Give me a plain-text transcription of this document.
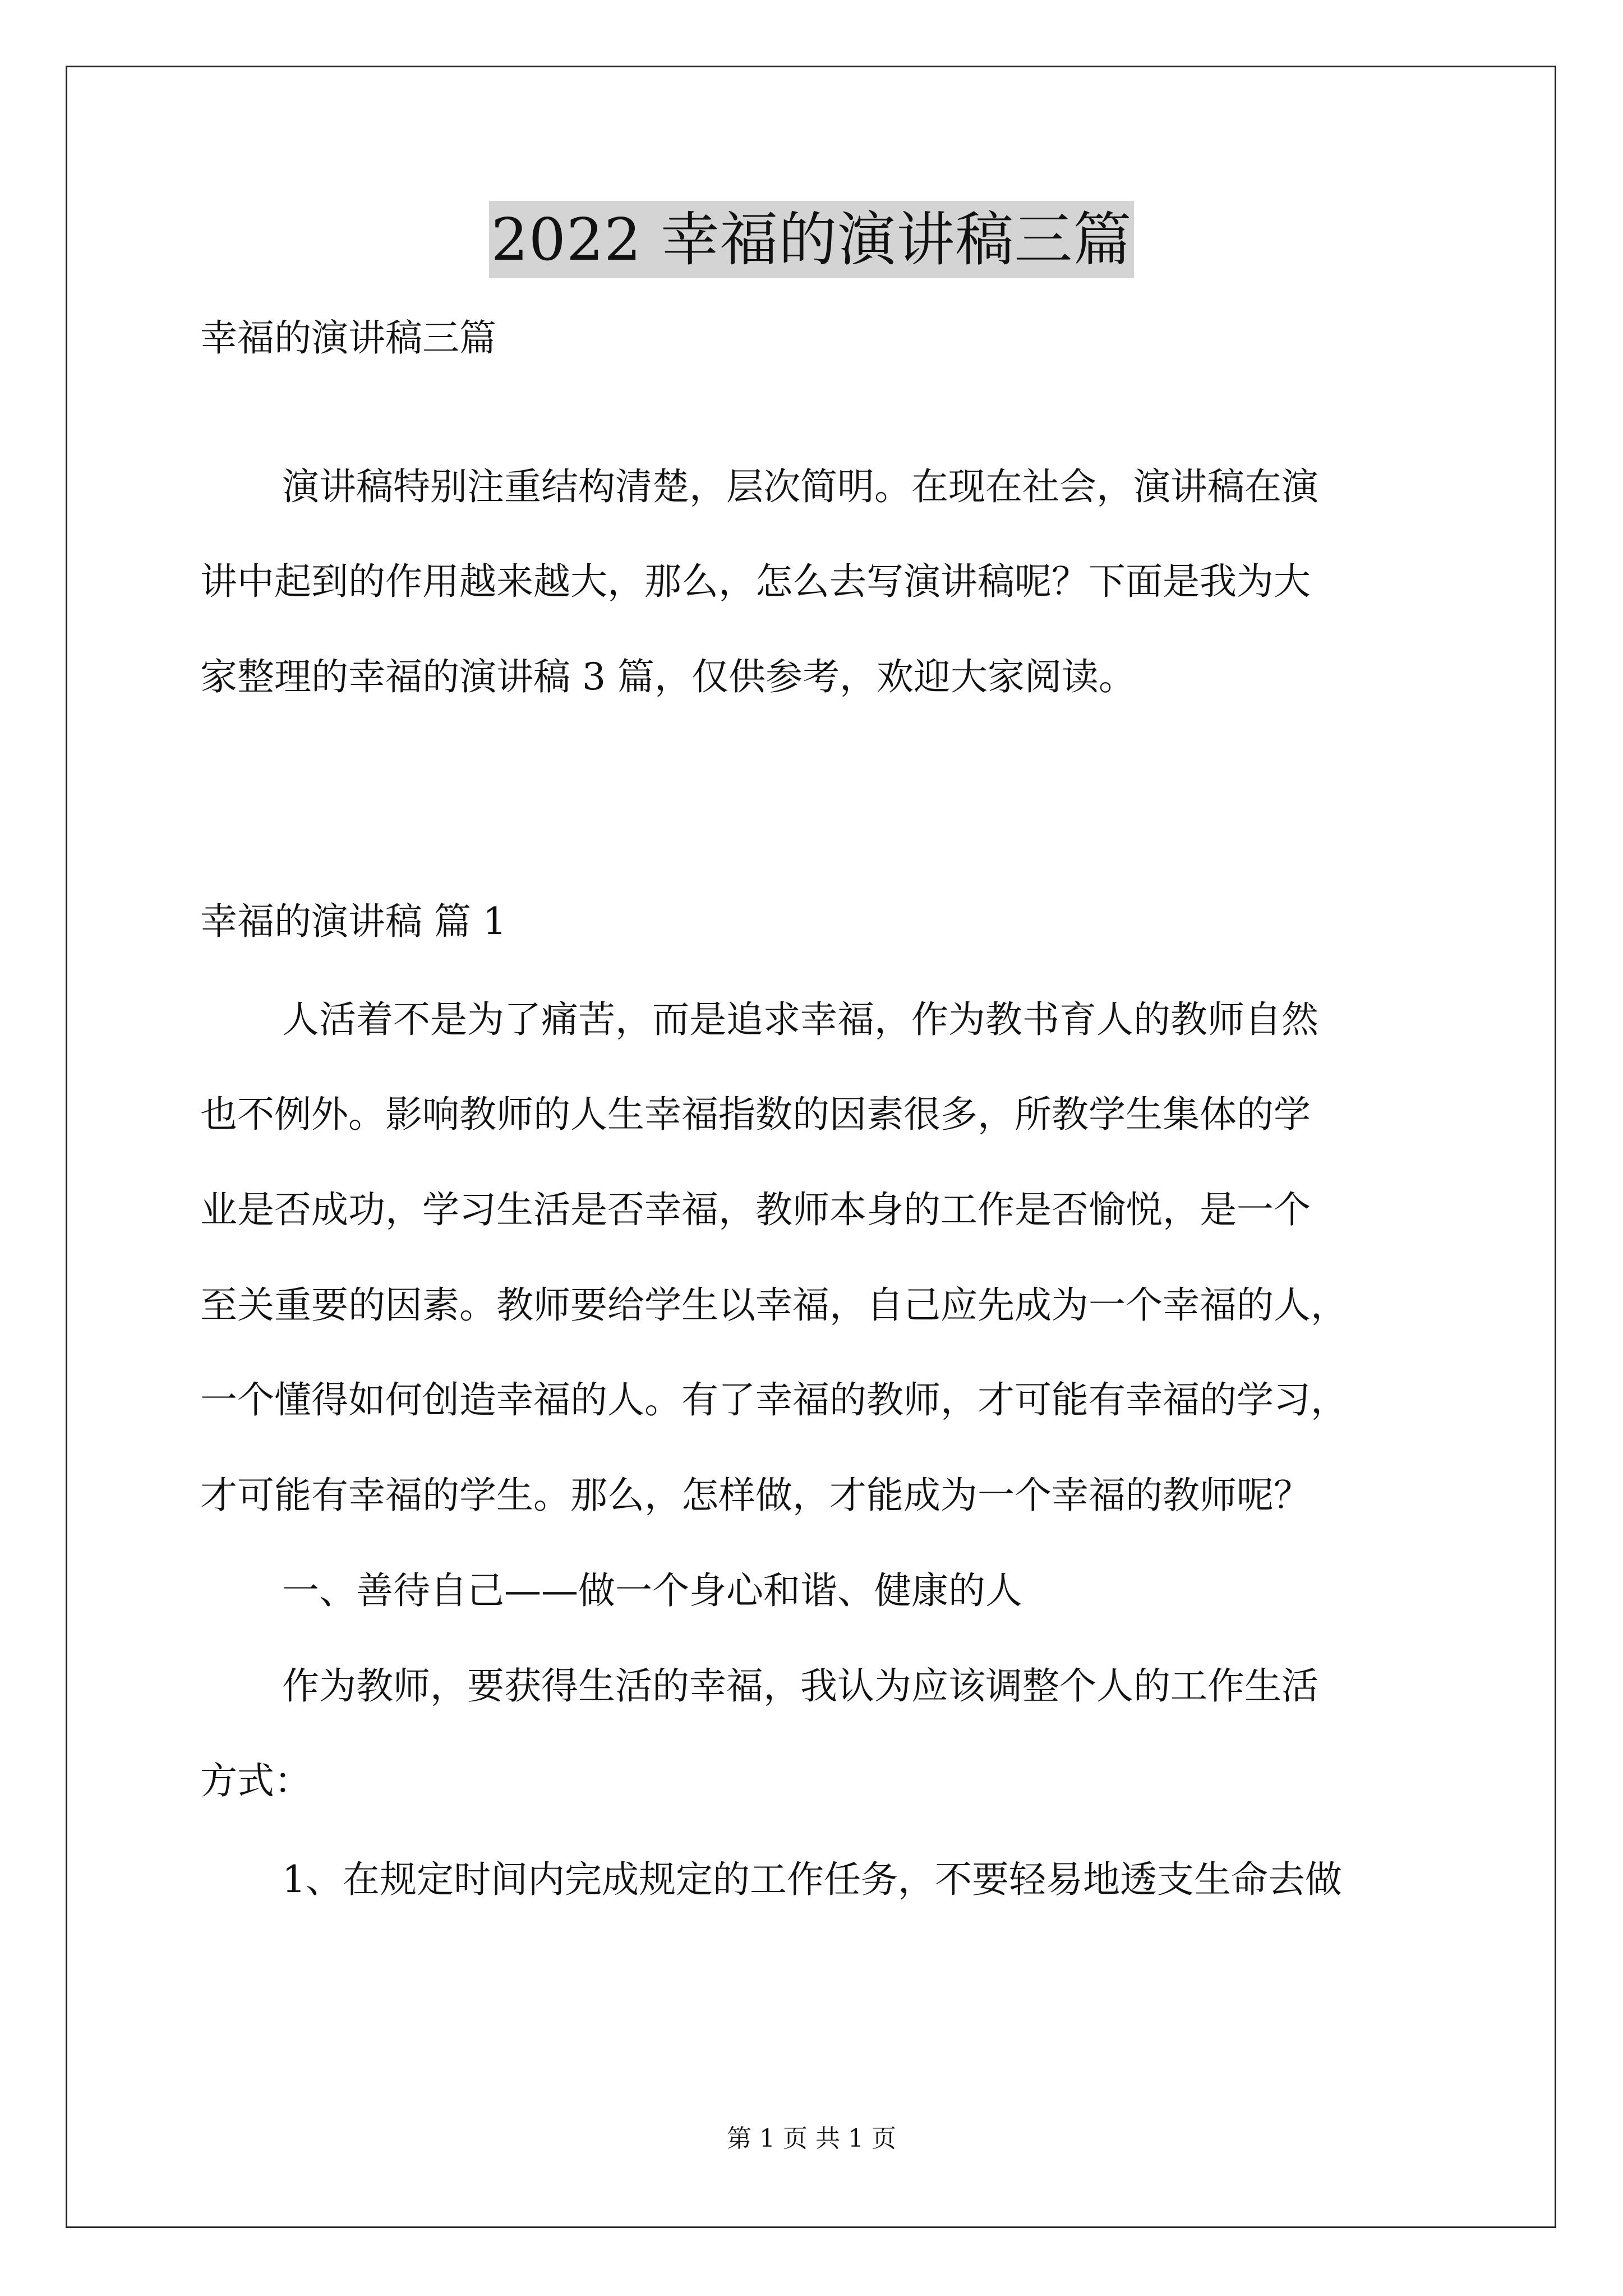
2022 幸福的演讲稿三篇
幸福的演讲稿三篇
演讲稿特别注重结构清楚，层次简明。在现在社会，演讲稿在演
讲中起到的作用越来越大，那么，怎么去写演讲稿呢？下面是我为大
家整理的幸福的演讲稿 3 篇，仅供参考，欢迎大家阅读。
幸福的演讲稿 篇 1
人活着不是为了痛苦，而是追求幸福，作为教书育人的教师自然
也不例外。影响教师的人生幸福指数的因素很多，所教学生集体的学
业是否成功，学习生活是否幸福，教师本身的工作是否愉悦，是一个
至关重要的因素。教师要给学生以幸福，自己应先成为一个幸福的人，
一个懂得如何创造幸福的人。有了幸福的教师，才可能有幸福的学习，
才可能有幸福的学生。那么，怎样做，才能成为一个幸福的教师呢？
一、善待自己——做一个身心和谐、健康的人
作为教师，要获得生活的幸福，我认为应该调整个人的工作生活
方式：
1、在规定时间内完成规定的工作任务，不要轻易地透支生命去做
第 1 页 共 1 页
